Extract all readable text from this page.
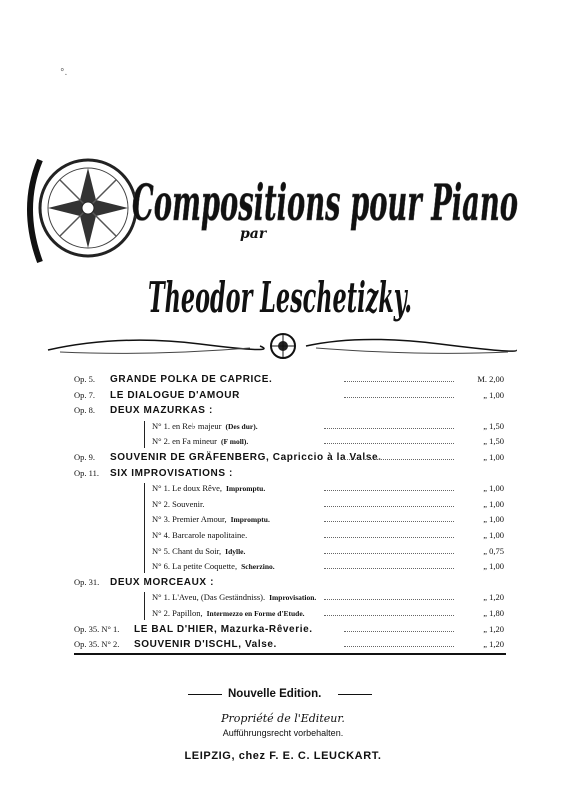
°.
Compositions pour Piano
Theodor Leschetizky.
par
Op. 5. GRANDE POLKA DE CAPRICE.	M. 2,00
Op. 7. LE DIALOGUE D'AMOUR	„ 1,00
Op. 8. DEUX MAZURKAS :
N° 1. en Re♭ majeur (Des dur).	„ 1,50
N° 2. en Fa mineur (F moll).	„ 1,50
Op. 9. SOUVENIR DE GRÄFENBERG, Capriccio à la Valse.	„ 1,00
Op. 11. SIX IMPROVISATIONS :
N° 1. Le doux Rêve, Impromptu.	„ 1,00
N° 2. Souvenir.	„ 1,00
N° 3. Premier Amour, Impromptu.	„ 1,00
N° 4. Barcarole napolitaine.	„ 1,00
N° 5. Chant du Soir, Idylle.	„ 0,75
N° 6. La petite Coquette, Scherzino.	„ 1,00
Op. 31. DEUX MORCEAUX :
N° 1. L'Aveu, (Das Geständniss). Improvisation.	„ 1,20
N° 2. Papillon, Intermezzo en Forme d'Etude.	„ 1,80
Op. 35. N° 1. LE BAL D'HIER, Mazurka-Rêverie.	„ 1,20
Op. 35. N° 2. SOUVENIR D'ISCHL, Valse.	„ 1,20
Nouvelle Edition.
Propriété de l'Editeur.
Aufführungsrecht vorbehalten.
LEIPZIG, chez F. E. C. LEUCKART.
